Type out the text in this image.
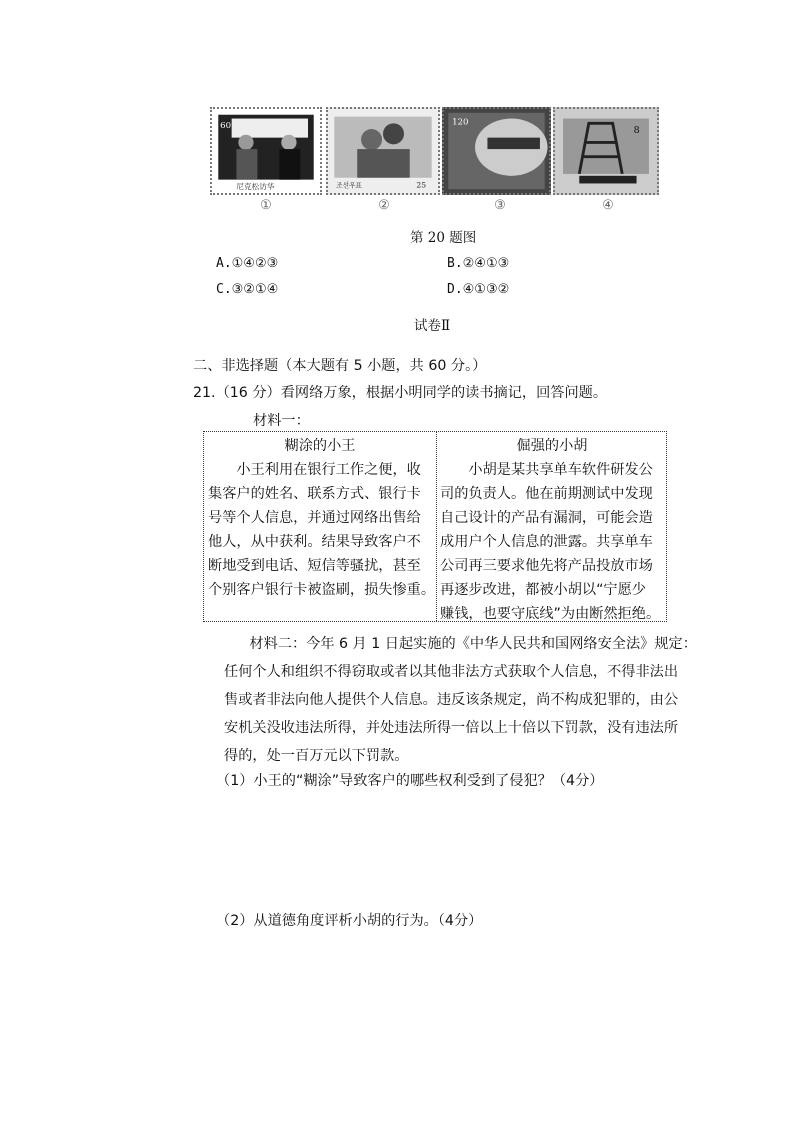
60
尼克松访华	조선우표	25
120
8
①	②	③	④
第 20 题图
A.①④②③	B.②④①③
C.③②①④	D.④①③②
试卷Ⅱ
二、非选择题（本大题有 5 小题，共 60 分。）
21.（16 分）看网络万象，根据小明同学的读书摘记，回答问题。
材料一：
糊涂的小王
　　小王利用在银行工作之便，收
集客户的姓名、联系方式、银行卡
号等个人信息，并通过网络出售给
他人，从中获利。结果导致客户不
断地受到电话、短信等骚扰，甚至
个别客户银行卡被盗刷，损失惨重。
倔强的小胡
　　小胡是某共享单车软件研发公
司的负责人。他在前期测试中发现
自己设计的产品有漏洞，可能会造
成用户个人信息的泄露。共享单车
公司再三要求他先将产品投放市场
再逐步改进，都被小胡以“宁愿少
赚钱，也要守底线”为由断然拒绝。
　　材料二：今年 6 月 1 日起实施的《中华人民共和国网络安全法》规定：
任何个人和组织不得窃取或者以其他非法方式获取个人信息，不得非法出
售或者非法向他人提供个人信息。违反该条规定，尚不构成犯罪的，由公
安机关没收违法所得，并处违法所得一倍以上十倍以下罚款，没有违法所
得的，处一百万元以下罚款。
（1）小王的“糊涂”导致客户的哪些权利受到了侵犯？（4分）
（2）从道德角度评析小胡的行为。（4分）
